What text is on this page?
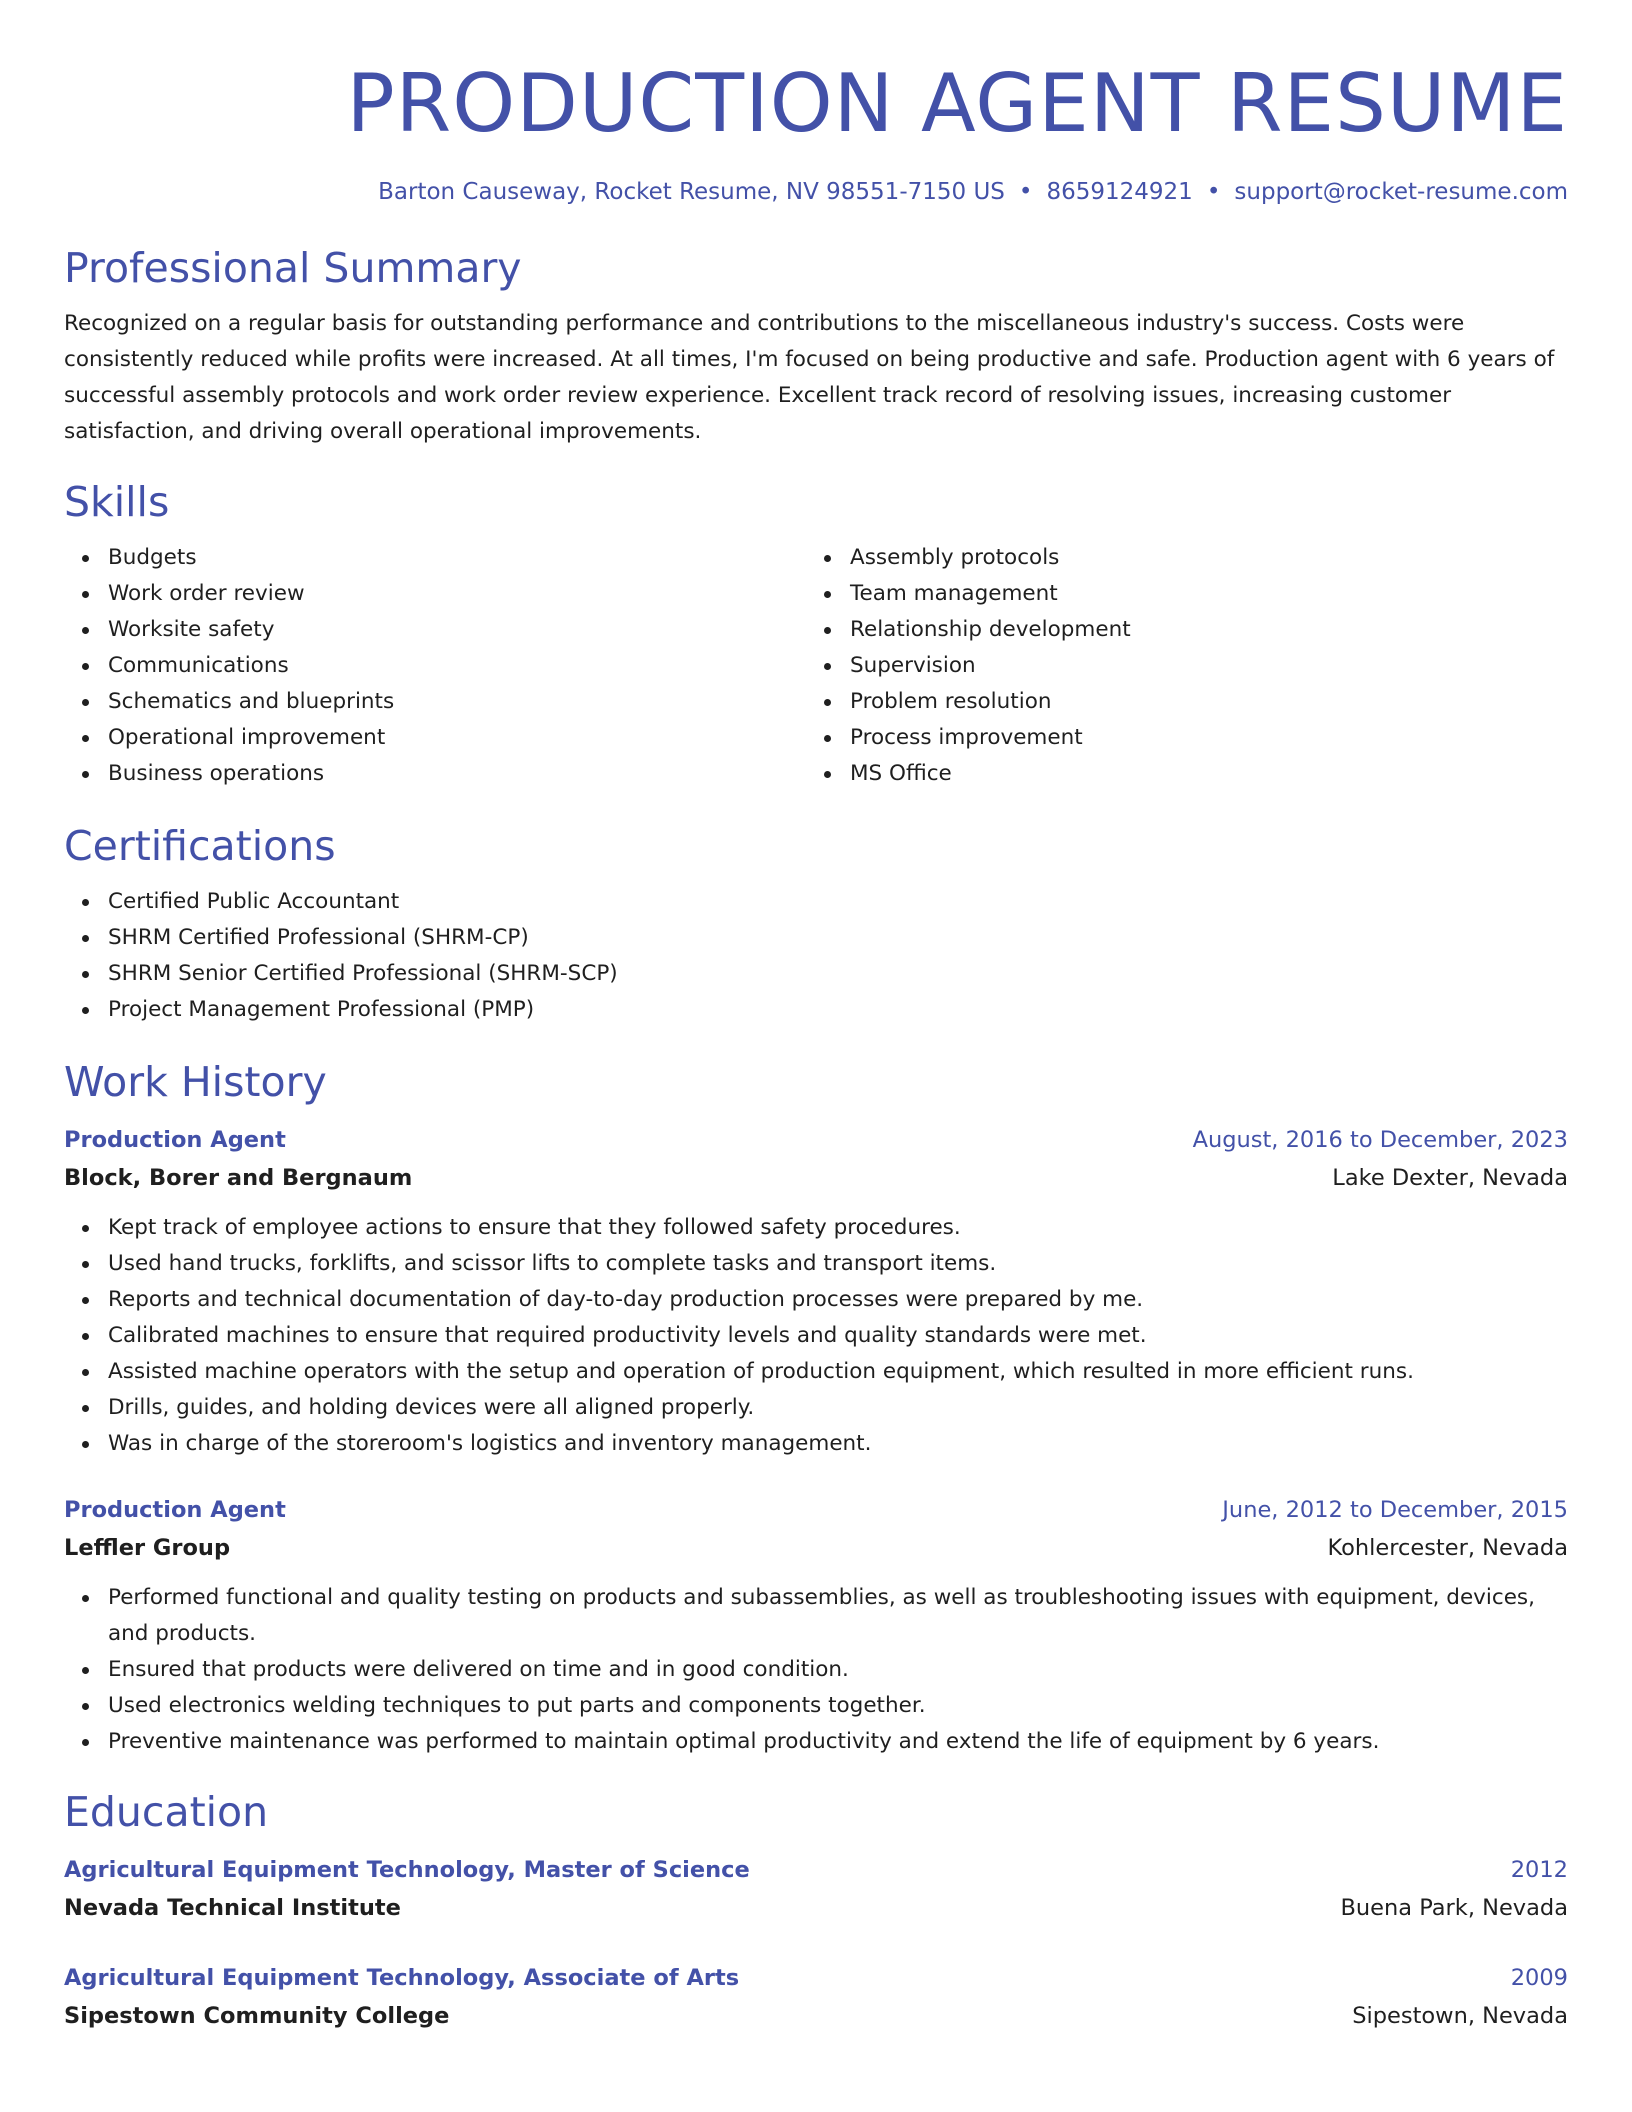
PRODUCTION AGENT RESUME
Barton Causeway, Rocket Resume, NV 98551-7150 US • 8659124921 • support@rocket-resume.com
Professional Summary

Recognized on a regular basis for outstanding performance and contributions to the miscellaneous industry's success. Costs were consistently reduced while profits were increased. At all times, I'm focused on being productive and safe. Production agent with 6 years of successful assembly protocols and work order review experience. Excellent track record of resolving issues, increasing customer satisfaction, and driving overall operational improvements.

Skills
Budgets
Work order review
Worksite safety
Communications
Schematics and blueprints
Operational improvement
Business operations
Assembly protocols
Team management
Relationship development
Supervision
Problem resolution
Process improvement
MS Office
Certifications
Certified Public Accountant
SHRM Certified Professional (SHRM-CP)
SHRM Senior Certified Professional (SHRM-SCP)
Project Management Professional (PMP)
Work History
Production Agent	August, 2016 to December, 2023
Block, Borer and Bergnaum	Lake Dexter, Nevada
Kept track of employee actions to ensure that they followed safety procedures.
Used hand trucks, forklifts, and scissor lifts to complete tasks and transport items.
Reports and technical documentation of day-to-day production processes were prepared by me.
Calibrated machines to ensure that required productivity levels and quality standards were met.
Assisted machine operators with the setup and operation of production equipment, which resulted in more efficient runs.
Drills, guides, and holding devices were all aligned properly.
Was in charge of the storeroom's logistics and inventory management.
Production Agent	June, 2012 to December, 2015
Leffler Group	Kohlercester, Nevada
Performed functional and quality testing on products and subassemblies, as well as troubleshooting issues with equipment, devices, and products.
Ensured that products were delivered on time and in good condition.
Used electronics welding techniques to put parts and components together.
Preventive maintenance was performed to maintain optimal productivity and extend the life of equipment by 6 years.
Education
Agricultural Equipment Technology, Master of Science	2012
Nevada Technical Institute	Buena Park, Nevada
Agricultural Equipment Technology, Associate of Arts	2009
Sipestown Community College	Sipestown, Nevada
